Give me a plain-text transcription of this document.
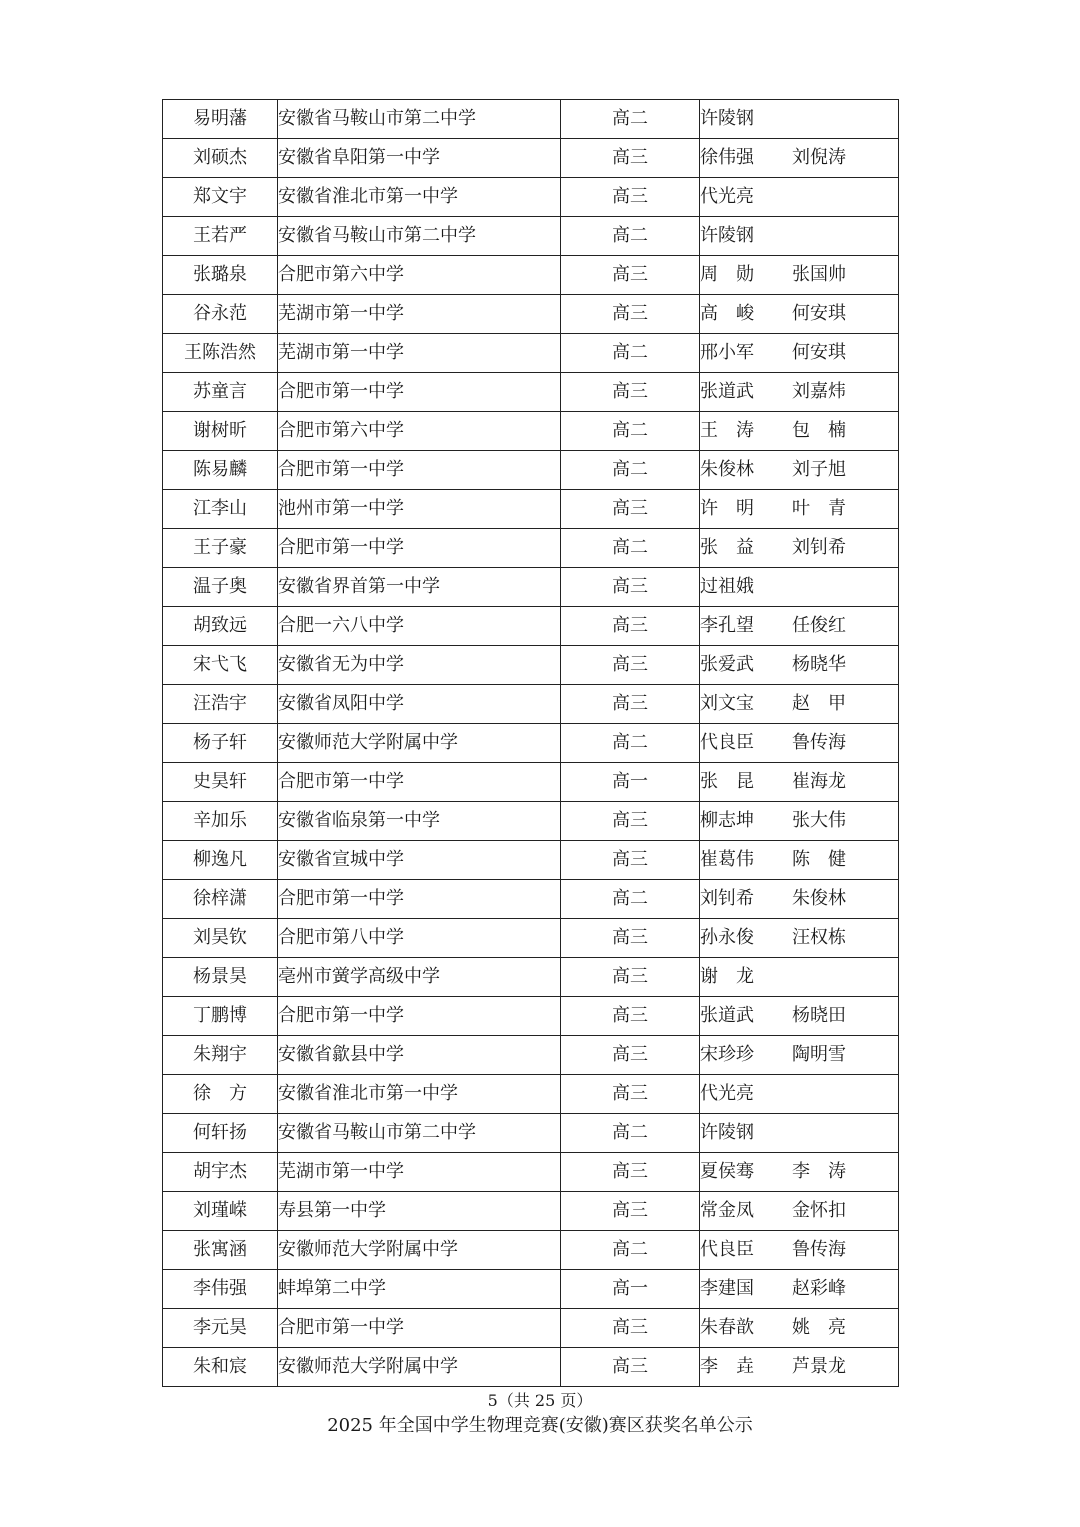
易明藩	安徽省马鞍山市第二中学	高二	许陵钢
刘硕杰	安徽省阜阳第一中学	高三	徐伟强 刘倪涛
郑文宇	安徽省淮北市第一中学	高三	代光亮
王若严	安徽省马鞍山市第二中学	高二	许陵钢
张璐泉	合肥市第六中学	高三	周　勋 张国帅
谷永范	芜湖市第一中学	高三	高　峻 何安琪
王陈浩然	芜湖市第一中学	高二	邢小军 何安琪
苏童言	合肥市第一中学	高三	张道武 刘嘉炜
谢树昕	合肥市第六中学	高二	王　涛 包　楠
陈易麟	合肥市第一中学	高二	朱俊林 刘子旭
江李山	池州市第一中学	高三	许　明 叶　青
王子豪	合肥市第一中学	高二	张　益 刘钊希
温子奥	安徽省界首第一中学	高三	过祖娥
胡致远	合肥一六八中学	高三	李孔望 任俊红
宋弋飞	安徽省无为中学	高三	张爱武 杨晓华
汪浩宇	安徽省凤阳中学	高三	刘文宝 赵　甲
杨子轩	安徽师范大学附属中学	高二	代良臣 鲁传海
史昊轩	合肥市第一中学	高一	张　昆 崔海龙
辛加乐	安徽省临泉第一中学	高三	柳志坤 张大伟
柳逸凡	安徽省宣城中学	高三	崔葛伟 陈　健
徐梓潇	合肥市第一中学	高二	刘钊希 朱俊林
刘昊钦	合肥市第八中学	高三	孙永俊 汪权栋
杨景昊	亳州市黉学高级中学	高三	谢　龙
丁鹏博	合肥市第一中学	高三	张道武 杨晓田
朱翔宇	安徽省歙县中学	高三	宋珍珍 陶明雪
徐　方	安徽省淮北市第一中学	高三	代光亮
何轩扬	安徽省马鞍山市第二中学	高二	许陵钢
胡宇杰	芜湖市第一中学	高三	夏侯骞 李　涛
刘瑾嵘	寿县第一中学	高三	常金凤 金怀扣
张寓涵	安徽师范大学附属中学	高二	代良臣 鲁传海
李伟强	蚌埠第二中学	高一	李建国 赵彩峰
李元昊	合肥市第一中学	高三	朱春歆 姚　亮
朱和宸	安徽师范大学附属中学	高三	李　垚 芦景龙
5（共 25 页）
2025 年全国中学生物理竞赛(安徽)赛区获奖名单公示
